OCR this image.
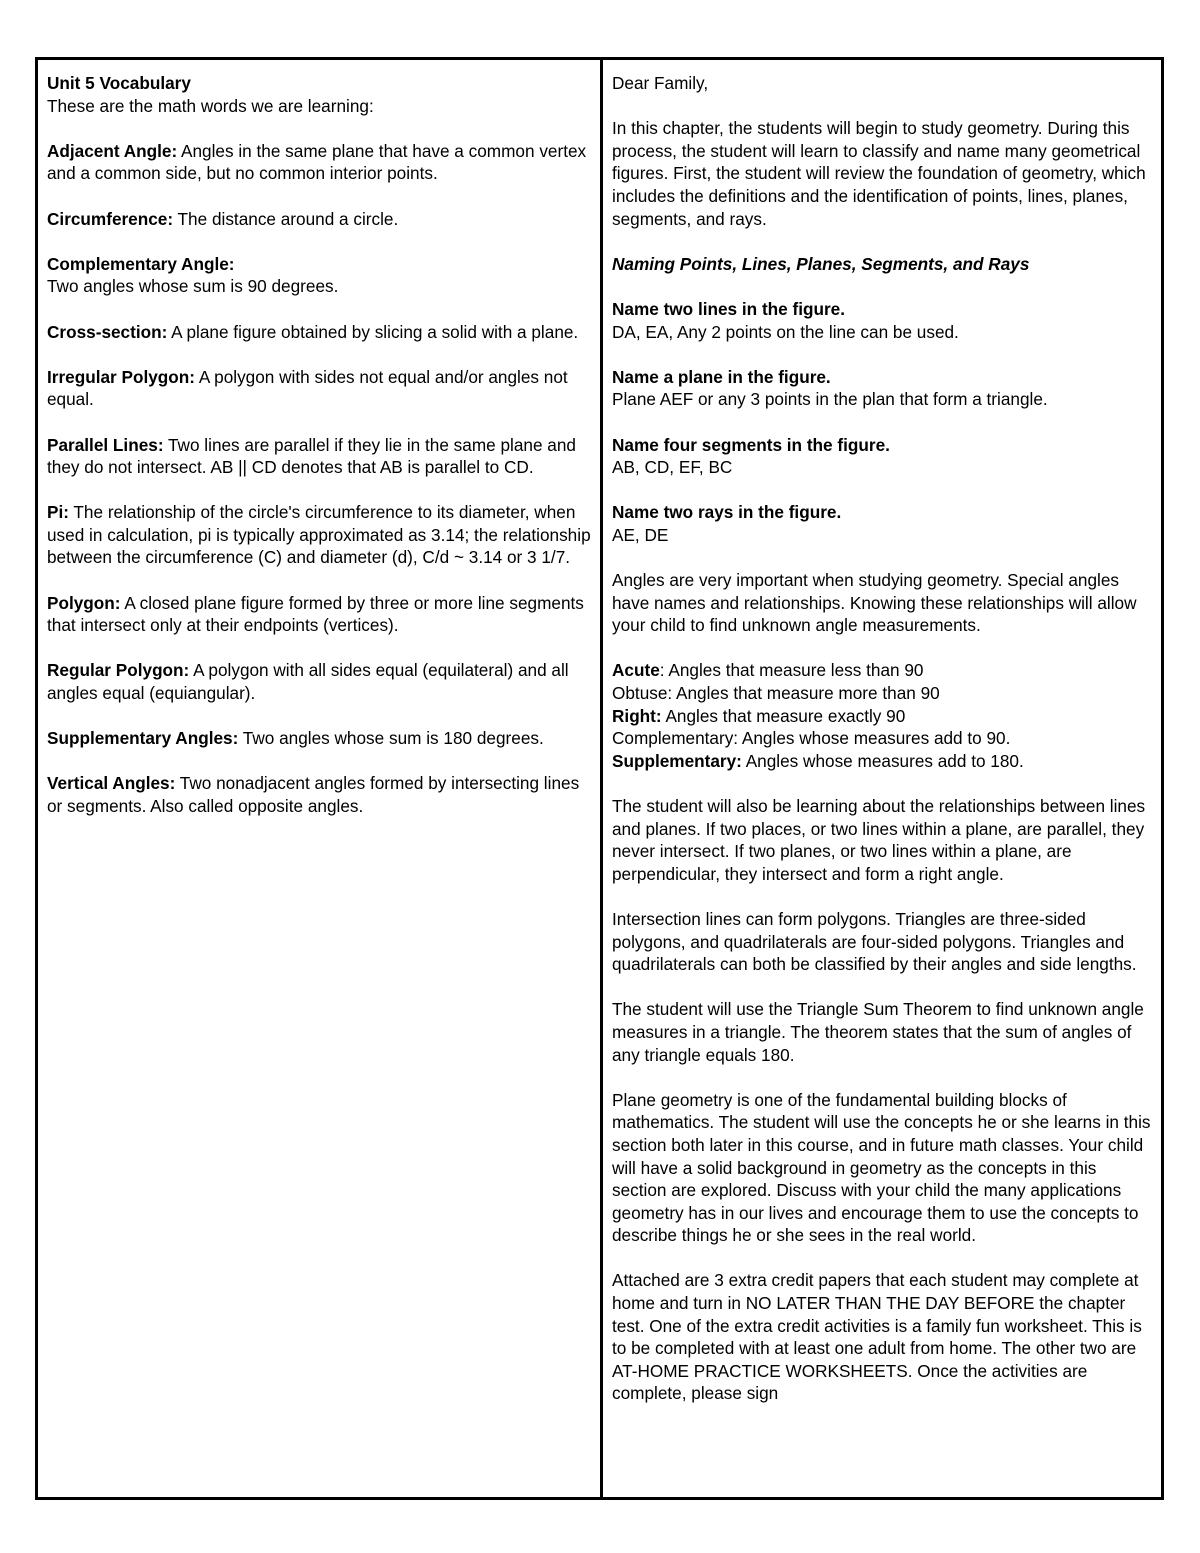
Unit 5 Vocabulary

These are the math words we are learning:

Adjacent Angle: Angles in the same plane that have a common vertex and a common side, but no common interior points.

Circumference: The distance around a circle.

Complementary Angle:
Two angles whose sum is 90 degrees.

Cross-section: A plane figure obtained by slicing a solid with a plane.

Irregular Polygon: A polygon with sides not equal and/or angles not equal.

Parallel Lines: Two lines are parallel if they lie in the same plane and they do not intersect. AB || CD denotes that AB is parallel to CD.

Pi: The relationship of the circle's circumference to its diameter, when used in calculation, pi is typically approximated as 3.14; the relationship between the circumference (C) and diameter (d), C/d ~ 3.14 or 3 1/7.

Polygon: A closed plane figure formed by three or more line segments that intersect only at their endpoints (vertices).

Regular Polygon: A polygon with all sides equal (equilateral) and all angles equal (equiangular).

Supplementary Angles: Two angles whose sum is 180 degrees.

Vertical Angles: Two nonadjacent angles formed by intersecting lines or segments. Also called opposite angles.

Dear Family,

In this chapter, the students will begin to study geometry. During this process, the student will learn to classify and name many geometrical figures. First, the student will review the foundation of geometry, which includes the definitions and the identification of points, lines, planes, segments, and rays.

Naming Points, Lines, Planes, Segments, and Rays

Name two lines in the figure.
DA, EA, Any 2 points on the line can be used.

Name a plane in the figure.
Plane AEF or any 3 points in the plan that form a triangle.

Name four segments in the figure.
AB, CD, EF, BC

Name two rays in the figure.
AE, DE

Angles are very important when studying geometry. Special angles have names and relationships. Knowing these relationships will allow your child to find unknown angle measurements.

Acute: Angles that measure less than 90
Obtuse: Angles that measure more than 90
Right: Angles that measure exactly 90
Complementary: Angles whose measures add to 90.
Supplementary: Angles whose measures add to 180.

The student will also be learning about the relationships between lines and planes. If two places, or two lines within a plane, are parallel, they never intersect. If two planes, or two lines within a plane, are perpendicular, they intersect and form a right angle.

Intersection lines can form polygons. Triangles are three-sided polygons, and quadrilaterals are four-sided polygons. Triangles and quadrilaterals can both be classified by their angles and side lengths.

The student will use the Triangle Sum Theorem to find unknown angle measures in a triangle. The theorem states that the sum of angles of any triangle equals 180.

Plane geometry is one of the fundamental building blocks of mathematics. The student will use the concepts he or she learns in this section both later in this course, and in future math classes. Your child will have a solid background in geometry as the concepts in this section are explored. Discuss with your child the many applications geometry has in our lives and encourage them to use the concepts to describe things he or she sees in the real world.

Attached are 3 extra credit papers that each student may complete at home and turn in NO LATER THAN THE DAY BEFORE the chapter test. One of the extra credit activities is a family fun worksheet. This is to be completed with at least one adult from home. The other two are AT-HOME PRACTICE WORKSHEETS. Once the activities are complete, please sign
